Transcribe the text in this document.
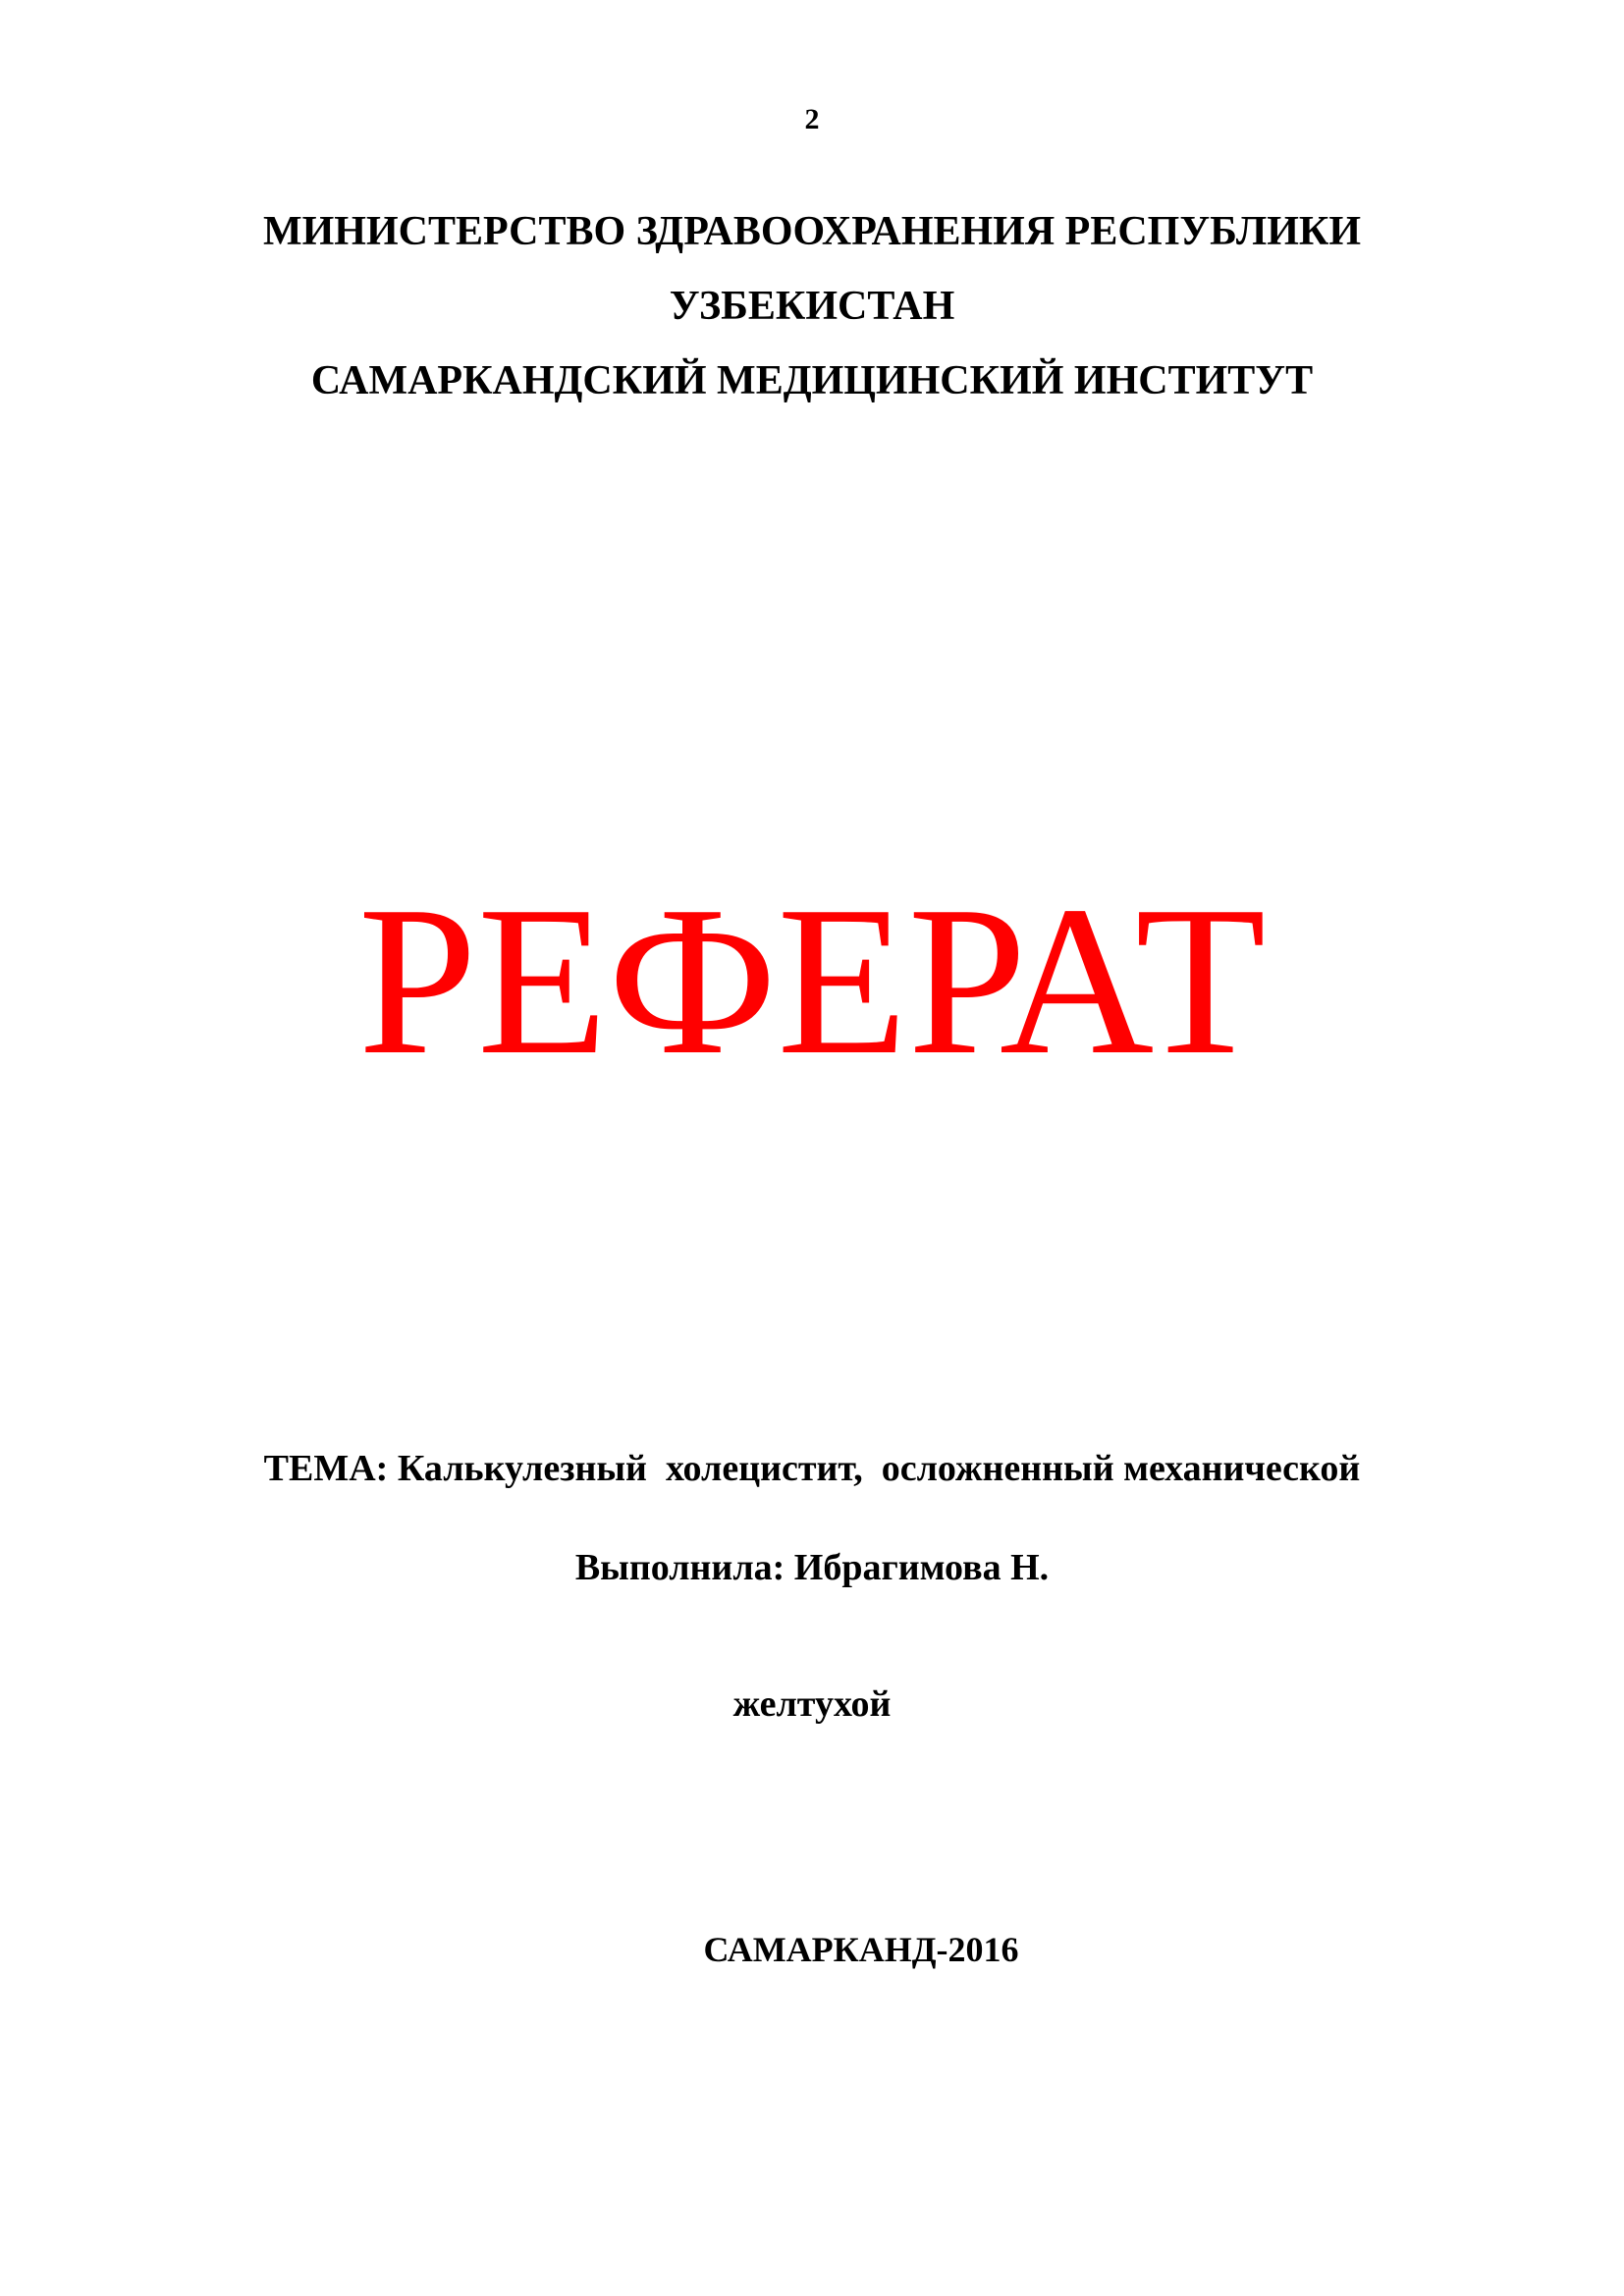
2
МИНИСТЕРСТВО ЗДРАВООХРАНЕНИЯ РЕСПУБЛИКИ
УЗБЕКИСТАН
САМАРКАНДСКИЙ МЕДИЦИНСКИЙ ИНСТИТУТ
РЕФЕРАТ

ТЕМА: Калькулезный  холецистит,  осложненный механической

желтухой

Выполнила: Ибрагимова Н.
САМАРКАНД-2016
